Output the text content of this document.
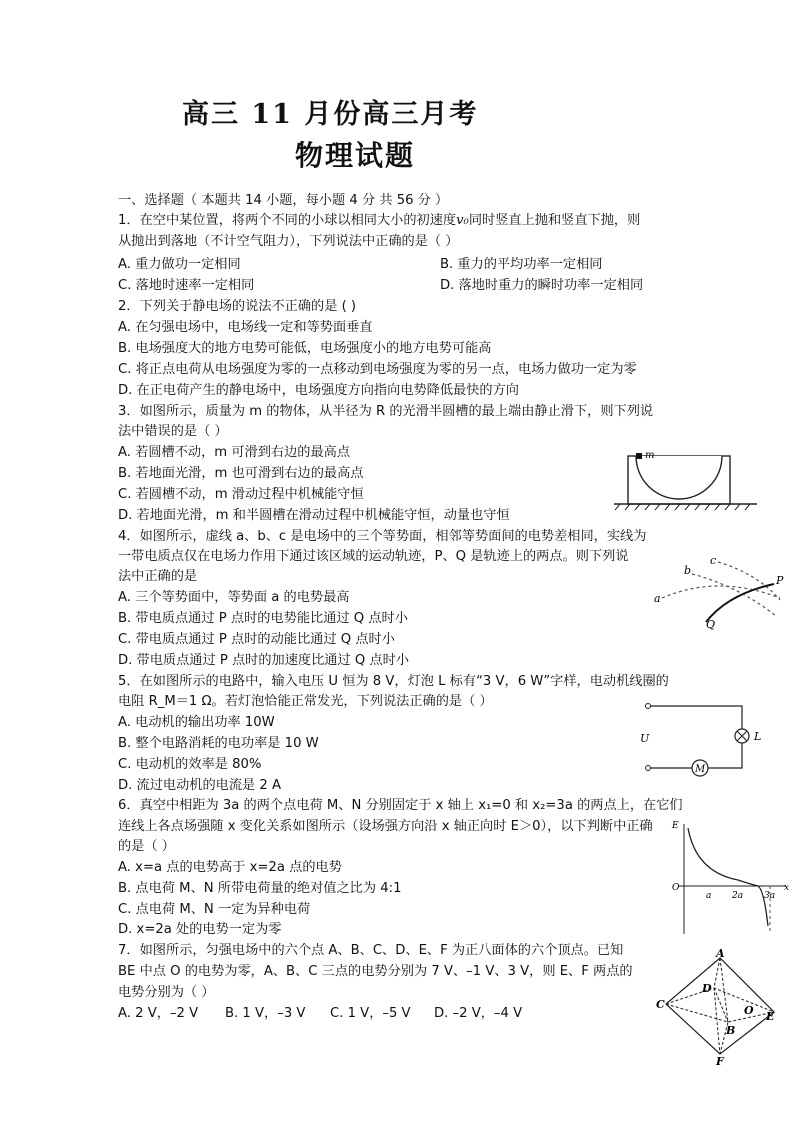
高三 11 月份高三月考
物理试题
一、选择题（ 本题共 14 小题，每小题 4 分 共 56 分 ）
1．在空中某位置，将两个不同的小球以相同大小的初速度v₀同时竖直上抛和竖直下抛，则
从抛出到落地（不计空气阻力），下列说法中正确的是（ ）
A. 重力做功一定相同	B. 重力的平均功率一定相同
C. 落地时速率一定相同	D. 落地时重力的瞬时功率一定相同
2．下列关于静电场的说法不正确的是 ( )
A. 在匀强电场中，电场线一定和等势面垂直
B. 电场强度大的地方电势可能低，电场强度小的地方电势可能高
C. 将正点电荷从电场强度为零的一点移动到电场强度为零的另一点，电场力做功一定为零
D. 在正电荷产生的静电场中，电场强度方向指向电势降低最快的方向
3．如图所示，质量为 m 的物体，从半径为 R 的光滑半圆槽的最上端由静止滑下，则下列说
法中错误的是（ ）
A. 若圆槽不动，m 可滑到右边的最高点
B. 若地面光滑，m 也可滑到右边的最高点
C. 若圆槽不动，m 滑动过程中机械能守恒
D. 若地面光滑，m 和半圆槽在滑动过程中机械能守恒，动量也守恒
m
4．如图所示，虚线 a、b、c 是电场中的三个等势面，相邻等势面间的电势差相同，实线为
一带电质点仅在电场力作用下通过该区域的运动轨迹，P、Q 是轨迹上的两点。则下列说
法中正确的是
A. 三个等势面中，等势面 a 的电势最高
B. 带电质点通过 P 点时的电势能比通过 Q 点时小
C. 带电质点通过 P 点时的动能比通过 Q 点时小
D. 带电质点通过 P 点时的加速度比通过 Q 点时小
a
b
c
P
Q
5．在如图所示的电路中，输入电压 U 恒为 8 V，灯泡 L 标有“3 V，6 W”字样，电动机线圈的
电阻 R_M＝1 Ω。若灯泡恰能正常发光，下列说法正确的是（ ）
A. 电动机的输出功率 10W
B. 整个电路消耗的电功率是 10 W
C. 电动机的效率是 80%
D. 流过电动机的电流是 2 A
M
L
U
6．真空中相距为 3a 的两个点电荷 M、N 分别固定于 x 轴上 x₁=0 和 x₂=3a 的两点上，在它们
连线上各点场强随 x 变化关系如图所示（设场强方向沿 x 轴正向时 E＞0），以下判断中正确
的是（ ）
A. x=a 点的电势高于 x=2a 点的电势
B. 点电荷 M、N 所带电荷量的绝对值之比为 4:1
C. 点电荷 M、N 一定为异种电荷
D. x=2a 处的电势一定为零
E
O
a 2a 3a
x
7．如图所示，匀强电场中的六个点 A、B、C、D、E、F 为正八面体的六个顶点。已知
BE 中点 O 的电势为零，A、B、C 三点的电势分别为 7 V、–1 V、3 V，则 E、F 两点的
电势分别为（ ）
A. 2 V，–2 V B. 1 V，–3 V C. 1 V，–5 V D. –2 V，–4 V
A
C
D
B
E
F
O
